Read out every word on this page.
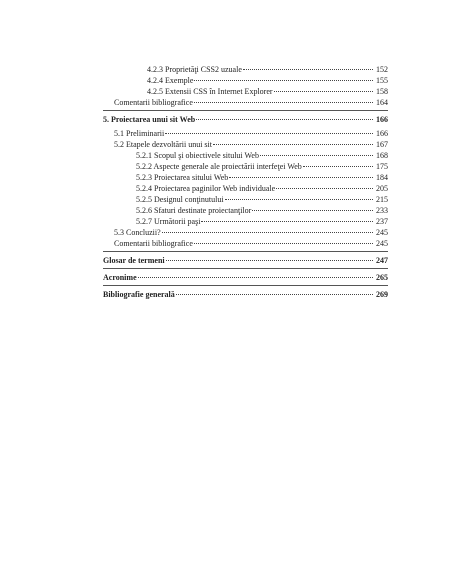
4.2.3 Proprietăţi CSS2 uzuale	152
4.2.4 Exemple	155
4.2.5 Extensii CSS în Internet Explorer	158
Comentarii bibliografice	164
5. Proiectarea unui sit Web	166
5.1 Preliminarii	166
5.2 Etapele dezvoltării unui sit	167
5.2.1 Scopul şi obiectivele sitului Web	168
5.2.2 Aspecte generale ale proiectării interfeţei Web	175
5.2.3 Proiectarea sitului Web	184
5.2.4 Proiectarea paginilor Web individuale	205
5.2.5 Designul conţinutului	215
5.2.6 Sfaturi destinate proiectanţilor	233
5.2.7 Următorii paşi	237
5.3 Concluzii?	245
Comentarii bibliografice	245
Glosar de termeni	247
Acronime	265
Bibliografie generală	269
